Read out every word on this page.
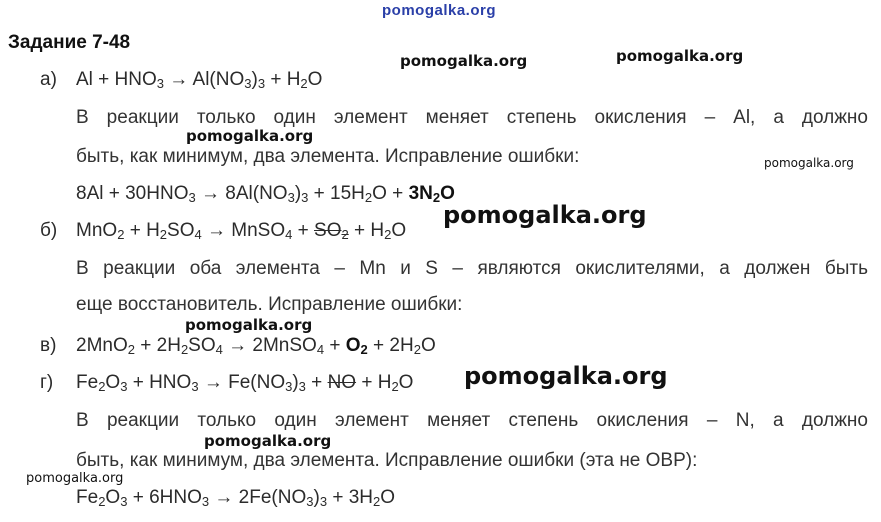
pomogalka.org
Задание 7-48
а) $Al + HNO_3 \to Al(NO_3)_3 + H_2O$
В реакции только один элемент меняет степень окисления – Al, а должно
быть, как минимум, два элемента. Исправление ошибки:
$8Al + 30HNO_3 \to 8Al(NO_3)_3 + 15H_2O + 3N_2O$
б) $MnO_2 + H_2SO_4$ → MnSO$_4$ + $SO_2 + H_2O$
В реакции оба элемента – Mn и S – являются окислителями, а должен быть
еще восстановитель. Исправление ошибки:
в) $2MnO_2 + 2H_2SO_4$ → 2MnSO$_4$ + $O_2 + 2H_2O$
г) $Fe_2O_3 + HNO_3 \to Fe(NO_3)_3$ + NO + $H_2O$
В реакции только один элемент меняет степень окисления – N, а должно
быть, как минимум, два элемента. Исправление ошибки (эта не ОВР):
$Fe_2O_3 + 6HNO_3 \to 2Fe(NO_3)_3 + 3H_2O$
pomogalka.org	pomogalka.org
pomogalka.org
pomogalka.org
pomogalka.org
pomogalka.org
pomogalka.org
pomogalka.org
pomogalka.org
